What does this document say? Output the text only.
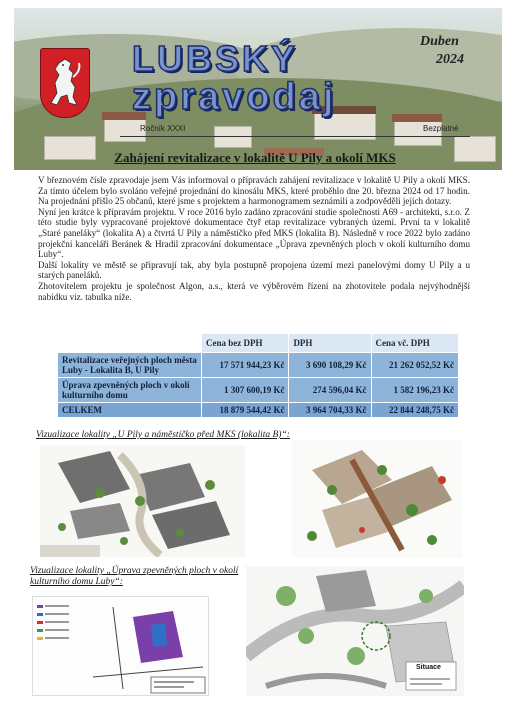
LUBSKÝ
zpravodaj
Duben
2024
Ročník XXXI	Bezplatné
Zahájení revitalizace v lokalitě U Pily a okolí MKS

V březnovém čísle zpravodaje jsem Vás informoval o přípravách zahájení revitalizace v lokalitě U Pily a okolí MKS. Za tímto účelem bylo svoláno veřejné projednání do kinosálu MKS, které proběhlo dne 20. března 2024 od 17 hodin. Na projednání přišlo 25 občanů, které jsme s projektem a harmonogramem seznámili a zodpověděli jejich dotazy.

Nyní jen krátce k přípravám projektu. V roce 2016 bylo zadáno zpracování studie společnosti A69 - architekti, s.r.o. Z této studie byly vypracované projektové dokumentace čtyř etap revitalizace vybraných území. První ta v lokalitě „Staré paneláky“ (lokalita A) a čtvrtá U Pily a náměstíčko před MKS (lokalita B). Následně v roce 2022 bylo zadáno projekční kanceláři Beránek & Hradil zpracování dokumentace „Úprava zpevněných ploch v okolí kulturního domu Luby“.

Další lokality ve městě se připravují tak, aby byla postupně propojena území mezi panelovými domy U Pily a u starých paneláků.

Zhotovitelem projektu je společnost Algon, a.s., která ve výběrovém řízení na zhotovitele podala nejvýhodnější nabídku viz. tabulka níže.

	Cena bez DPH	DPH	Cena vč. DPH
Revitalizace veřejných ploch města Luby - Lokalita B, U Pily	17 571 944,23 Kč	3 690 108,29 Kč	21 262 052,52 Kč
Úprava zpevněných ploch v okolí kulturního domu	1 307 600,19 Kč	274 596,04 Kč	1 582 196,23 Kč
CELKEM	18 879 544,42 Kč	3 964 704,33 Kč	22 844 248,75 Kč
Vizualizace lokality „U Pily a náměstíčko před MKS (lokalita B)“:
Vizualizace lokality „Úprava zpevněných ploch v okolí kulturního domu Luby“:
Situace
